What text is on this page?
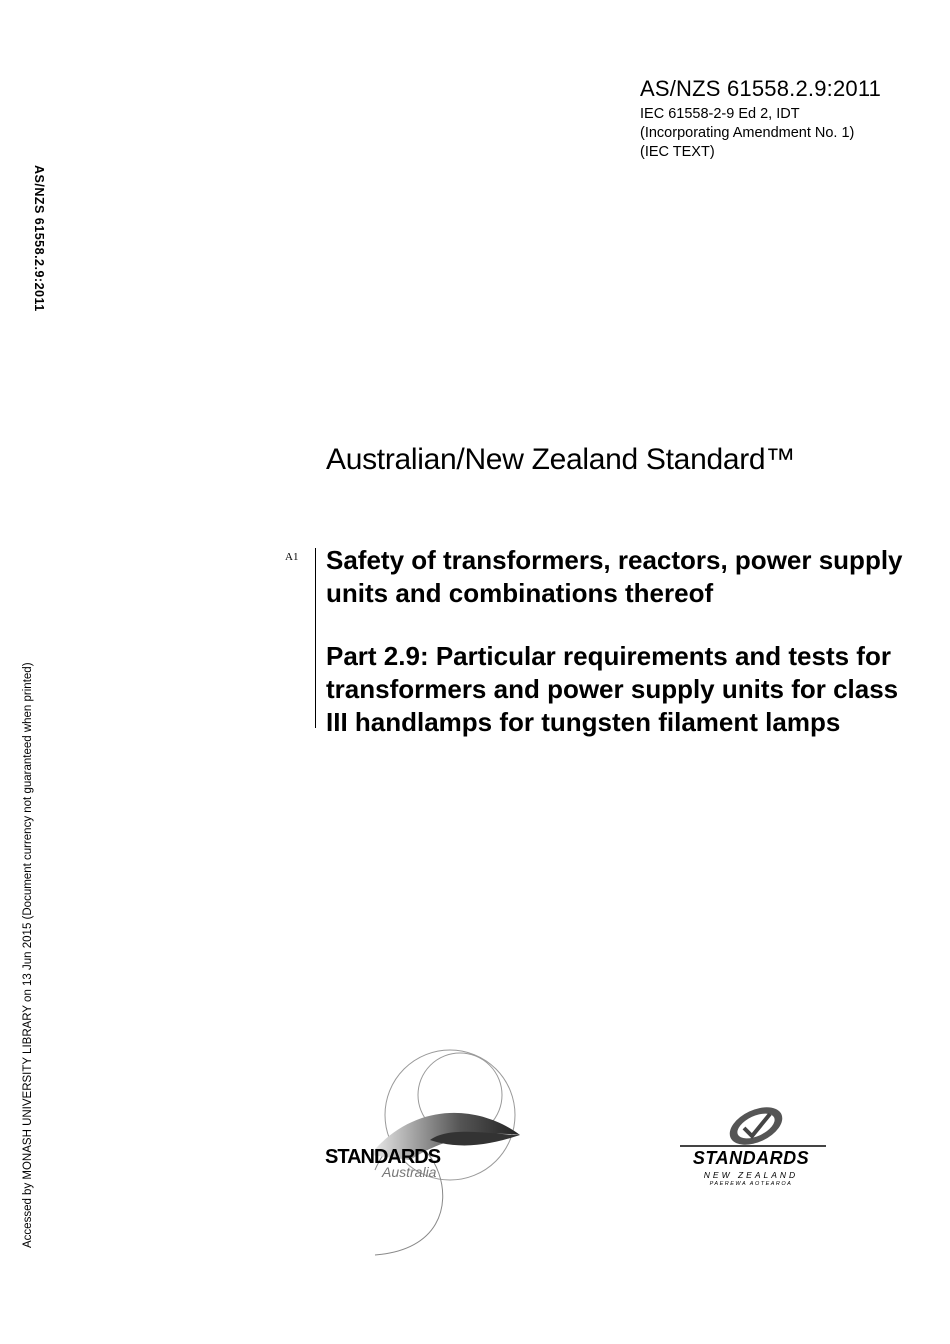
AS/NZS 61558.2.9:2011
IEC 61558-2-9 Ed 2, IDT
(Incorporating Amendment No. 1)
(IEC TEXT)
AS/NZS 61558.2.9:2011
Accessed by MONASH UNIVERSITY LIBRARY on 13 Jun 2015 (Document currency not guaranteed when printed)
Australian/New Zealand Standard™
A1 Safety of transformers, reactors, power supply units and combinations thereof
Part 2.9: Particular requirements and tests for transformers and power supply units for class III handlamps for tungsten filament lamps
STANDARDS
Australia
STANDARDS
NEW ZEALAND
PAEREWA AOTEAROA
